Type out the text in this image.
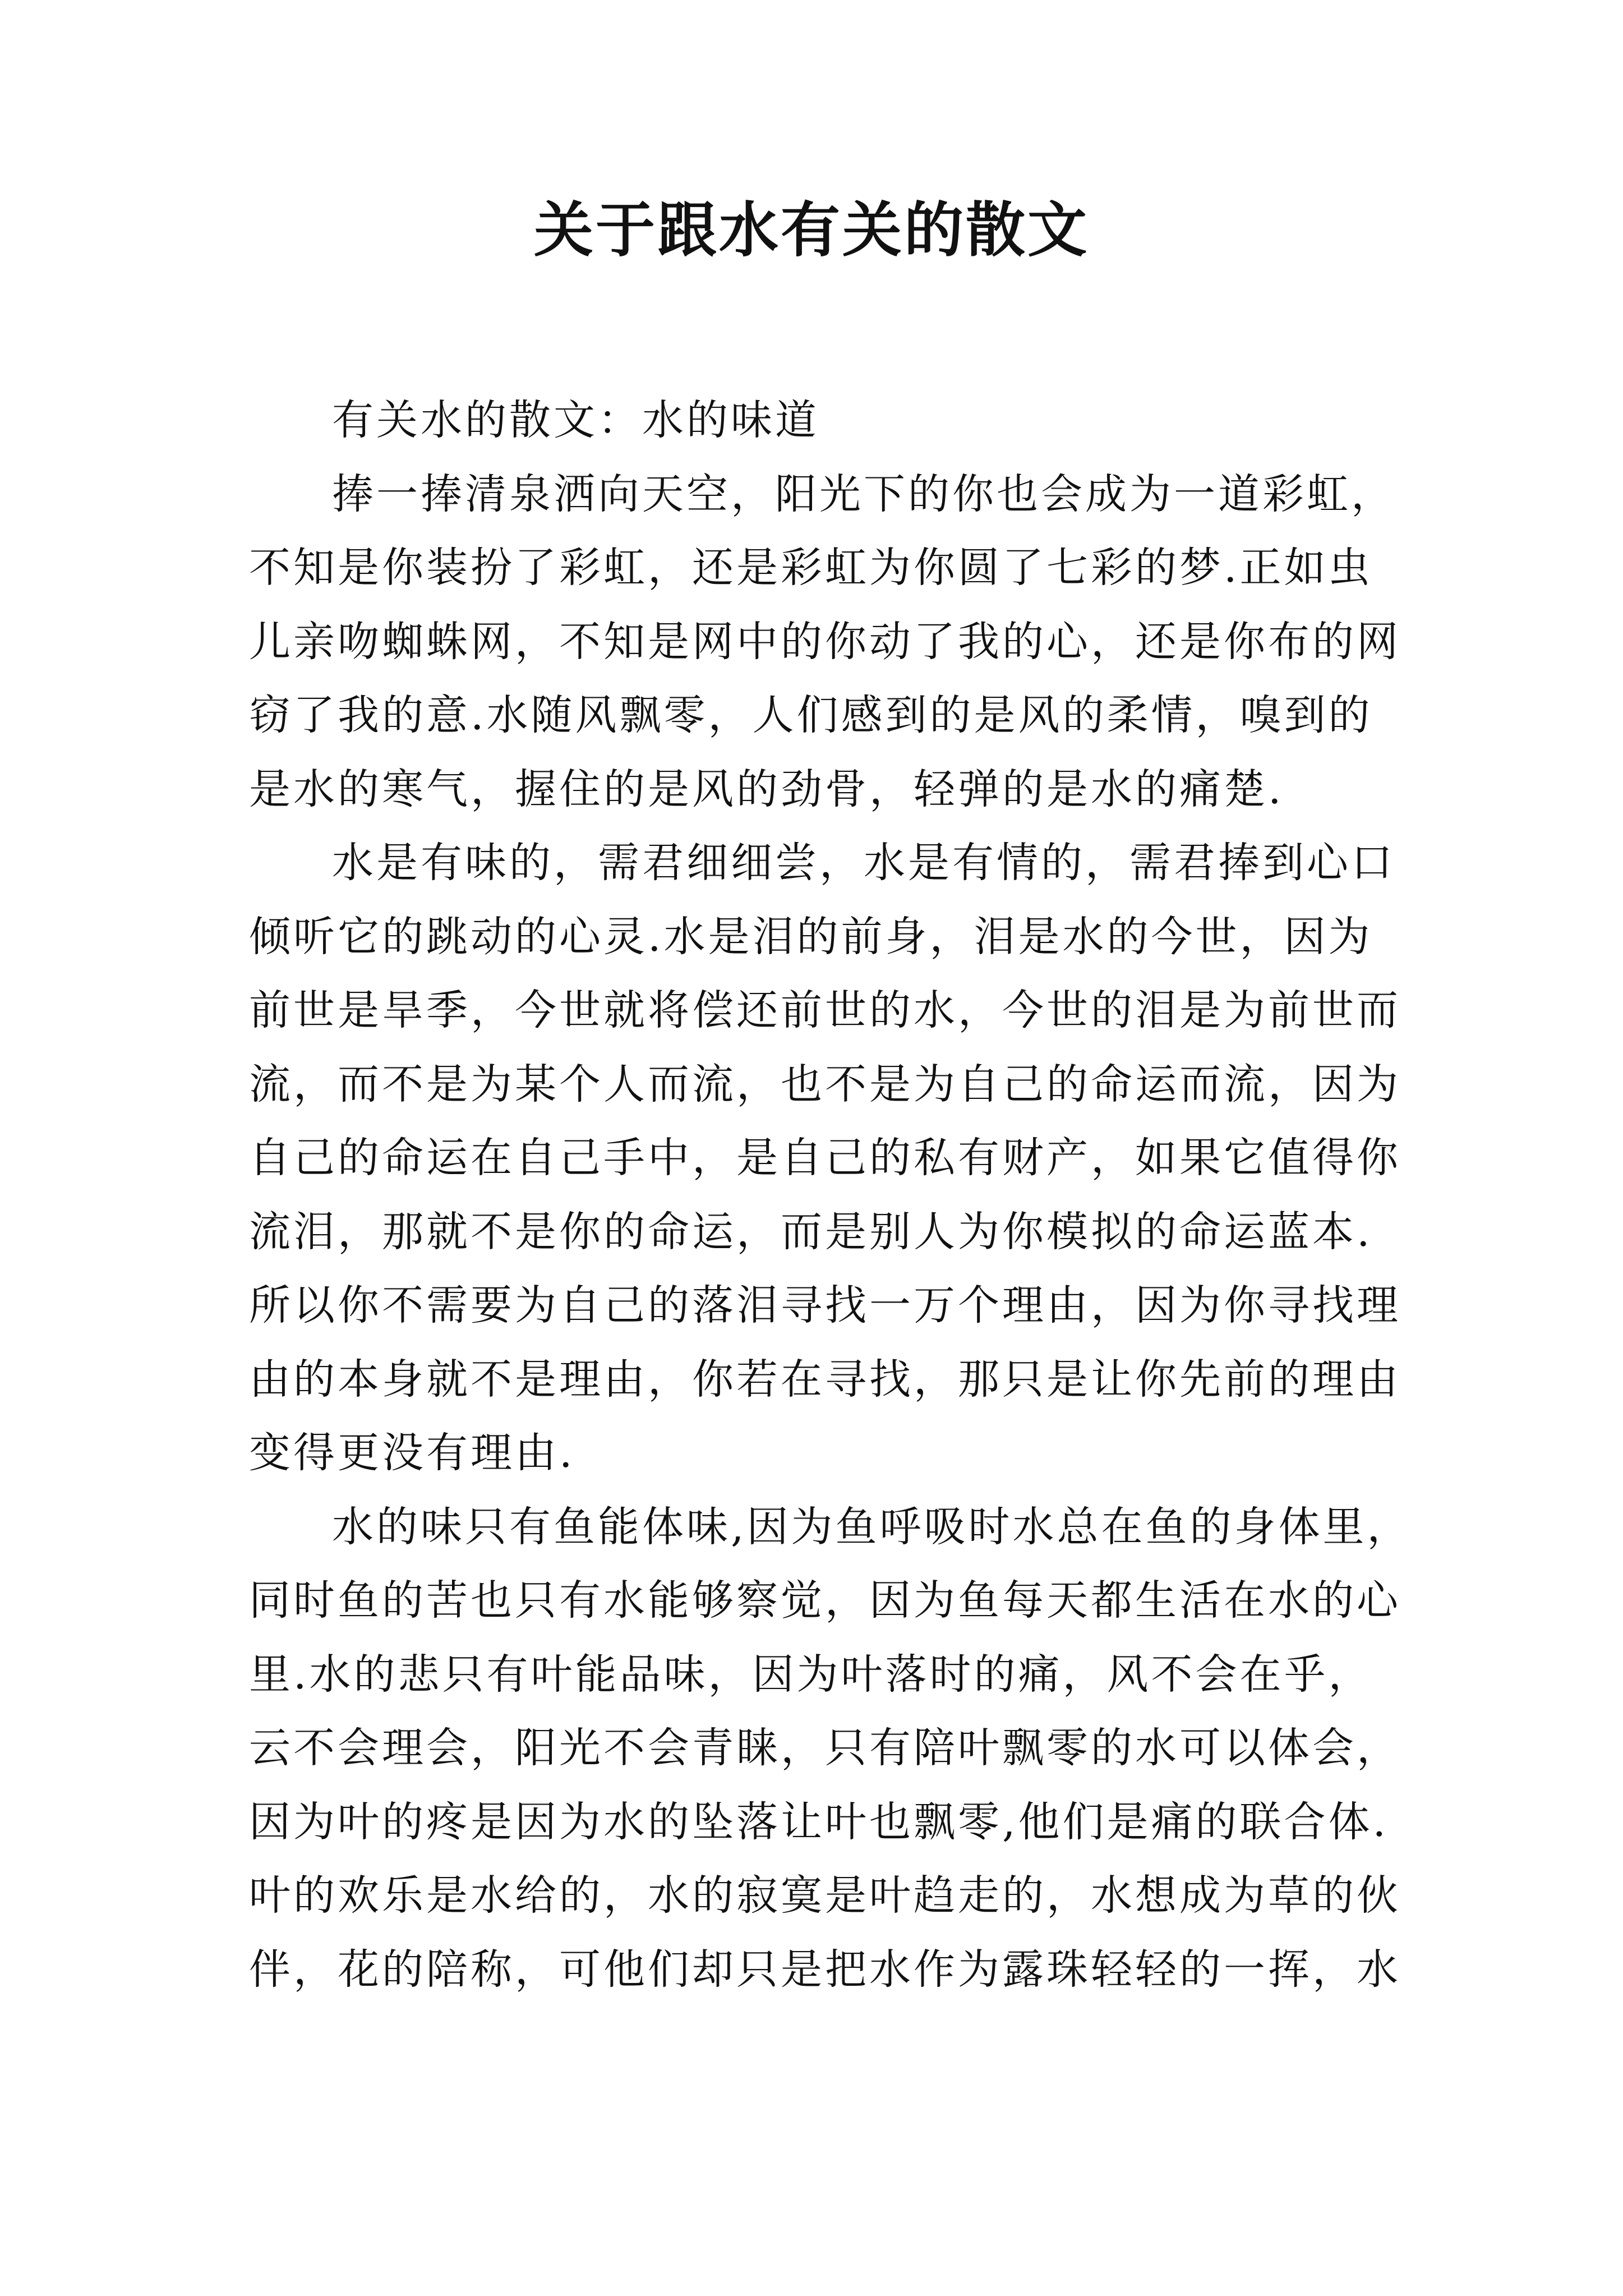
关于跟水有关的散文
有关水的散文：水的味道
捧一捧清泉洒向天空，阳光下的你也会成为一道彩虹，
不知是你装扮了彩虹，还是彩虹为你圆了七彩的梦.正如虫
儿亲吻蜘蛛网，不知是网中的你动了我的心，还是你布的网
窃了我的意.水随风飘零，人们感到的是风的柔情，嗅到的
是水的寒气，握住的是风的劲骨，轻弹的是水的痛楚.
水是有味的，需君细细尝，水是有情的，需君捧到心口
倾听它的跳动的心灵.水是泪的前身，泪是水的今世，因为
前世是旱季，今世就将偿还前世的水，今世的泪是为前世而
流，而不是为某个人而流，也不是为自己的命运而流，因为
自己的命运在自己手中，是自己的私有财产，如果它值得你
流泪，那就不是你的命运，而是别人为你模拟的命运蓝本.
所以你不需要为自己的落泪寻找一万个理由，因为你寻找理
由的本身就不是理由，你若在寻找，那只是让你先前的理由
变得更没有理由.
水的味只有鱼能体味,因为鱼呼吸时水总在鱼的身体里，
同时鱼的苦也只有水能够察觉，因为鱼每天都生活在水的心
里.水的悲只有叶能品味，因为叶落时的痛，风不会在乎，
云不会理会，阳光不会青睐，只有陪叶飘零的水可以体会，
因为叶的疼是因为水的坠落让叶也飘零,他们是痛的联合体.
叶的欢乐是水给的，水的寂寞是叶趋走的，水想成为草的伙
伴，花的陪称，可他们却只是把水作为露珠轻轻的一挥，水
